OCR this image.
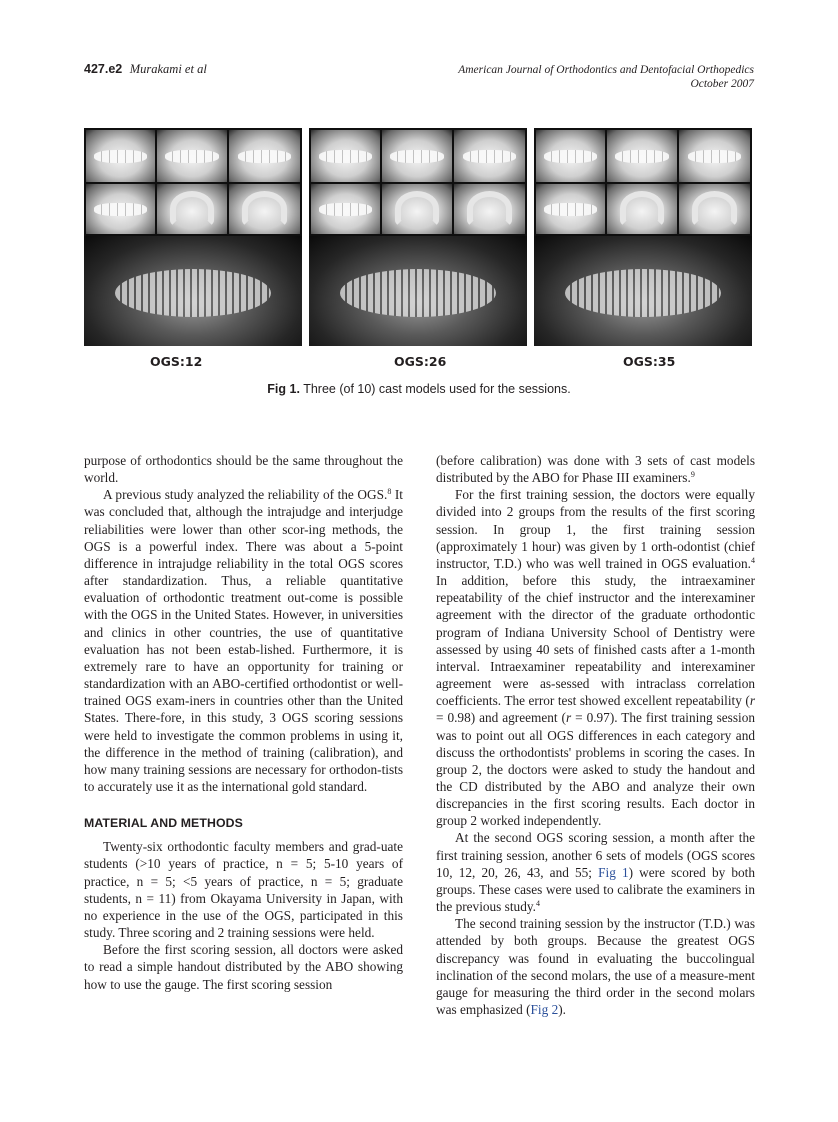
427.e2 Murakami et al	American Journal of Orthodontics and Dentofacial Orthopedics
October 2007
OGS:12	OGS:26	OGS:35
Fig 1. Three (of 10) cast models used for the sessions.

purpose of orthodontics should be the same throughout the world.

A previous study analyzed the reliability of the OGS.$^8$ It was concluded that, although the intrajudge and interjudge reliabilities were lower than other scor-ing methods, the OGS is a powerful index. There was about a 5-point difference in intrajudge reliability in the total OGS scores after standardization. Thus, a reliable quantitative evaluation of orthodontic treatment out-come is possible with the OGS in the United States. However, in universities and clinics in other countries, the use of quantitative evaluation has not been estab-lished. Furthermore, it is extremely rare to have an opportunity for training or standardization with an ABO-certified orthodontist or well-trained OGS exam-iners in countries other than the United States. There-fore, in this study, 3 OGS scoring sessions were held to investigate the common problems in using it, the difference in the method of training (calibration), and how many training sessions are necessary for orthodon-tists to accurately use it as the international gold standard.

MATERIAL AND METHODS

Twenty-six orthodontic faculty members and grad-uate students (>10 years of practice, n = 5; 5-10 years of practice, n = 5; <5 years of practice, n = 5; graduate students, n = 11) from Okayama University in Japan, with no experience in the use of the OGS, participated in this study. Three scoring and 2 training sessions were held.

Before the first scoring session, all doctors were asked to read a simple handout distributed by the ABO showing how to use the gauge. The first scoring session

(before calibration) was done with 3 sets of cast models distributed by the ABO for Phase III examiners.$^9$

For the first training session, the doctors were equally divided into 2 groups from the results of the first scoring session. In group 1, the first training session (approximately 1 hour) was given by 1 orth-odontist (chief instructor, T.D.) who was well trained in OGS evaluation.$^4$ In addition, before this study, the intraexaminer repeatability of the chief instructor and the interexaminer agreement with the director of the graduate orthodontic program of Indiana University School of Dentistry were assessed by using 40 sets of finished casts after a 1-month interval. Intraexaminer repeatability and interexaminer agreement were as-sessed with intraclass correlation coefficients. The error test showed excellent repeatability (r = 0.98) and agreement (r = 0.97). The first training session was to point out all OGS differences in each category and discuss the orthodontists' problems in scoring the cases. In group 2, the doctors were asked to study the handout and the CD distributed by the ABO and analyze their own discrepancies in the first scoring results. Each doctor in group 2 worked independently.

At the second OGS scoring session, a month after the first training session, another 6 sets of models (OGS scores 10, 12, 20, 26, 43, and 55; Fig 1) were scored by both groups. These cases were used to calibrate the examiners in the previous study.$^4$

The second training session by the instructor (T.D.) was attended by both groups. Because the greatest OGS discrepancy was found in evaluating the buccolingual inclination of the second molars, the use of a measure-ment gauge for measuring the third order in the second molars was emphasized (Fig 2).
